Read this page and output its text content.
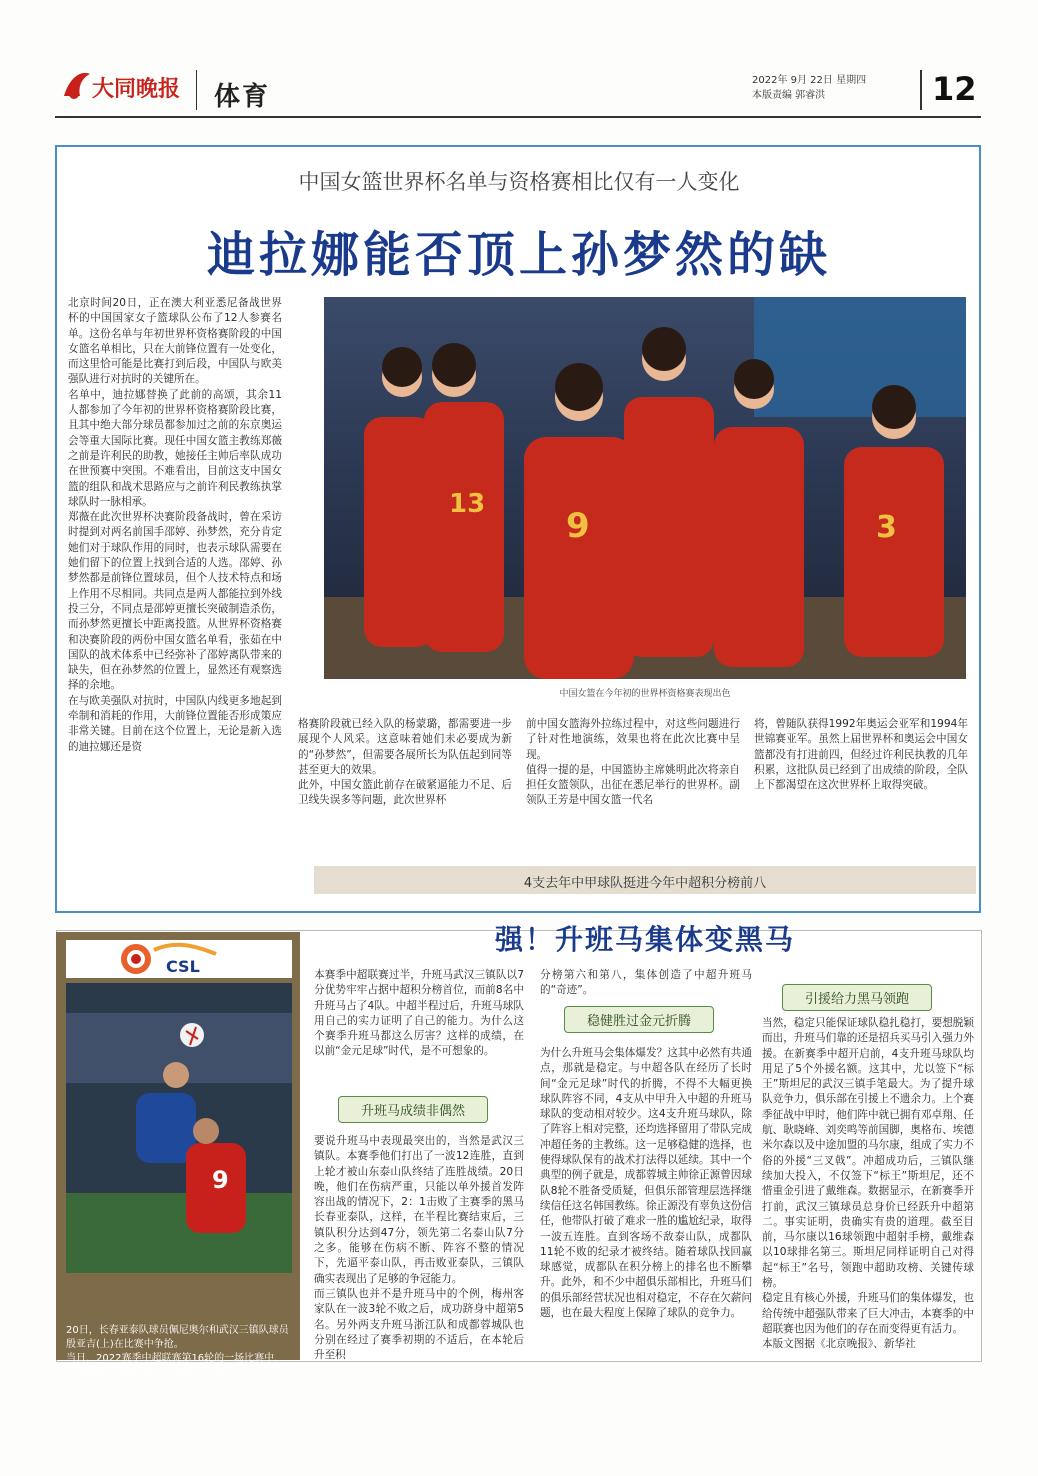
大同晚报 体育
2022年 9月 22日 星期四
本版责编 郭睿洪	12
中国女篮世界杯名单与资格赛相比仅有一人变化
迪拉娜能否顶上孙梦然的缺
北京时间20日，正在澳大利亚悉尼备战世界杯的中国国家女子篮球队公布了12人参赛名单。这份名单与年初世界杯资格赛阶段的中国女篮名单相比，只在大前锋位置有一处变化，而这里恰可能是比赛打到后段，中国队与欧美强队进行对抗时的关键所在。
名单中，迪拉娜替换了此前的高颂，其余11人都参加了今年初的世界杯资格赛阶段比赛，且其中绝大部分球员都参加过之前的东京奥运会等重大国际比赛。现任中国女篮主教练郑薇之前是许利民的助教，她接任主帅后率队成功在世预赛中突围。不难看出，目前这支中国女篮的组队和战术思路应与之前许利民教练执掌球队时一脉相承。
郑薇在此次世界杯决赛阶段备战时，曾在采访时提到对两名前国手邵婷、孙梦然，充分肯定她们对于球队作用的同时，也表示球队需要在她们留下的位置上找到合适的人选。邵婷、孙梦然都是前锋位置球员，但个人技术特点和场上作用不尽相同。共同点是两人都能拉到外线投三分，不同点是邵婷更擅长突破制造杀伤，而孙梦然更擅长中距离投篮。从世界杯资格赛和决赛阶段的两份中国女篮名单看，张茹在中国队的战术体系中已经弥补了邵婷离队带来的缺失，但在孙梦然的位置上，显然还有观察选择的余地。
在与欧美强队对抗时，中国队内线更多地起到牵制和消耗的作用，大前锋位置能否形成策应非常关键。目前在这个位置上，无论是新入选的迪拉娜还是资
13
9	3
中国女篮在今年初的世界杯资格赛表现出色
格赛阶段就已经入队的杨蒙璐，都需要进一步展现个人风采。这意味着她们未必要成为新的“孙梦然”，但需要各展所长为队伍起到同等甚至更大的效果。
此外，中国女篮此前存在破紧逼能力不足、后卫线失误多等问题，此次世界杯
前中国女篮海外拉练过程中，对这些问题进行了针对性地演练，效果也将在此次比赛中呈现。
值得一提的是，中国篮协主席姚明此次将亲自担任女篮领队，出征在悉尼举行的世界杯。副领队王芳是中国女篮一代名
将，曾随队获得1992年奥运会亚军和1994年世锦赛亚军。虽然上届世界杯和奥运会中国女篮都没有打进前四，但经过许利民执教的几年积累，这批队员已经到了出成绩的阶段，全队上下都渴望在这次世界杯上取得突破。
CSL
9
20日，长春亚泰队球员佩尼奥尔和武汉三镇队球员殷亚吉(上)在比赛中争抢。
当日，2022赛季中超联赛第16轮的一场比赛中，长春亚泰队主场以1:2不敌武汉三镇队。
4支去年中甲球队挺进今年中超积分榜前八
强！升班马集体变黑马
本赛季中超联赛过半，升班马武汉三镇队以7分优势牢牢占据中超积分榜首位，而前8名中升班马占了4队。中超半程过后，升班马球队用自己的实力证明了自己的能力。为什么这个赛季升班马都这么厉害？这样的成绩，在以前“金元足球”时代，是不可想象的。
升班马成绩非偶然
要说升班马中表现最突出的，当然是武汉三镇队。本赛季他们打出了一波12连胜，直到上轮才被山东泰山队终结了连胜战绩。20日晚，他们在伤病严重，只能以单外援首发阵容出战的情况下，2：1击败了主赛季的黑马长春亚泰队，这样，在半程比赛结束后，三镇队积分达到47分，领先第二名泰山队7分之多。能够在伤病不断、阵容不整的情况下，先逼平泰山队，再击败亚泰队，三镇队确实表现出了足够的争冠能力。
而三镇队也并不是升班马中的个例，梅州客家队在一波3轮不败之后，成功跻身中超第5名。另外两支升班马浙江队和成都蓉城队也分别在经过了赛季初期的不适后，在本轮后升至积
分榜第六和第八，集体创造了中超升班马的“奇迹”。
稳健胜过金元折腾
为什么升班马会集体爆发？这其中必然有共通点，那就是稳定。与中超各队在经历了长时间“金元足球”时代的折腾，不得不大幅更换球队阵容不同，4支从中甲升入中超的升班马球队的变动相对较少。这4支升班马球队，除了阵容上相对完整，还均选择留用了带队完成冲超任务的主教练。这一足够稳健的选择，也使得球队保有的战术打法得以延续。其中一个典型的例子就是，成都蓉城主帅徐正源曾因球队8轮不胜备受质疑，但俱乐部管理层选择继续信任这名韩国教练。徐正源没有辜负这份信任，他带队打破了难求一胜的尴尬纪录，取得一波五连胜。直到客场不敌泰山队，成都队11轮不败的纪录才被终结。随着球队找回赢球感觉，成都队在积分榜上的排名也不断攀升。此外，和不少中超俱乐部相比，升班马们的俱乐部经营状况也相对稳定，不存在欠薪问题，也在最大程度上保障了球队的竞争力。
引援给力黑马领跑
当然，稳定只能保证球队稳扎稳打，要想脱颖而出，升班马们靠的还是招兵买马引入强力外援。在新赛季中超开启前，4支升班马球队均用足了5个外援名额。这其中，尤以签下“标王”斯坦尼的武汉三镇手笔最大。为了提升球队竞争力，俱乐部在引援上不遗余力。上个赛季征战中甲时，他们阵中就已拥有邓卓翔、任航、耿晓峰、刘奕鸣等前国脚，奥格布、埃德米尔森以及中途加盟的马尔康，组成了实力不俗的外援“三叉戟”。冲超成功后，三镇队继续加大投入，不仅签下“标王”斯坦尼，还不惜重金引进了戴维森。数据显示，在新赛季开打前，武汉三镇球员总身价已经跃升中超第二。事实证明，贵确实有贵的道理。截至目前，马尔康以16球领跑中超射手榜，戴维森以10球排名第三。斯坦尼同样证明自己对得起“标王”名号，领跑中超助攻榜、关键传球榜。
稳定且有核心外援，升班马们的集体爆发，也给传统中超强队带来了巨大冲击，本赛季的中超联赛也因为他们的存在而变得更有活力。
本版文图据《北京晚报》、新华社
